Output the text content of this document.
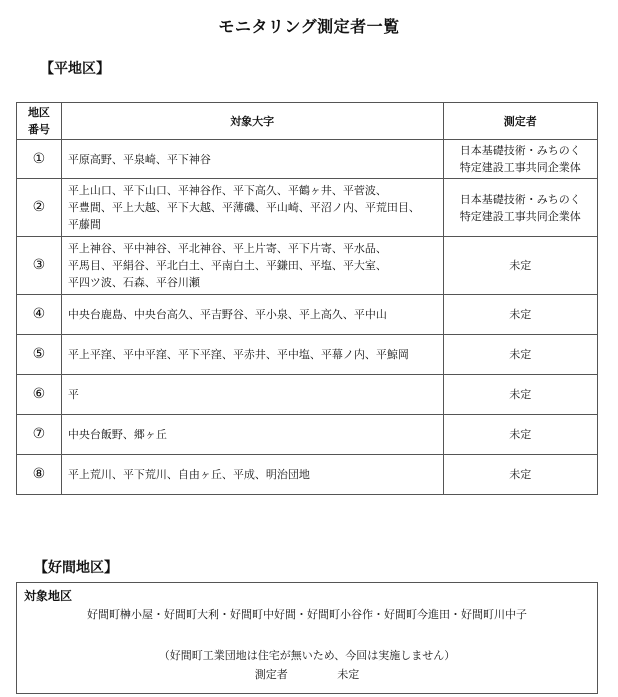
モニタリング測定者一覧
【平地区】
地区
番号	対象大字	測定者
①	平原高野、平泉崎、平下神谷	日本基礎技術・みちのく
特定建設工事共同企業体
②	平上山口、平下山口、平神谷作、平下高久、平鶴ヶ井、平菅波、
平豊間、平上大越、平下大越、平薄磯、平山崎、平沼ノ内、平荒田目、
平藤間	日本基礎技術・みちのく
特定建設工事共同企業体
③	平上神谷、平中神谷、平北神谷、平上片寄、平下片寄、平水品、
平馬目、平絹谷、平北白土、平南白土、平鎌田、平塩、平大室、
平四ツ波、石森、平谷川瀬	未定
④	中央台鹿島、中央台高久、平吉野谷、平小泉、平上高久、平中山	未定
⑤	平上平窪、平中平窪、平下平窪、平赤井、平中塩、平幕ノ内、平鯨岡	未定
⑥	平	未定
⑦	中央台飯野、郷ヶ丘	未定
⑧	平上荒川、平下荒川、自由ヶ丘、平成、明治団地	未定
【好間地区】
対象地区
好間町榊小屋・好間町大利・好間町中好間・好間町小谷作・好間町今進田・好間町川中子
（好間町工業団地は住宅が無いため、今回は実施しません）
測定者	未定
